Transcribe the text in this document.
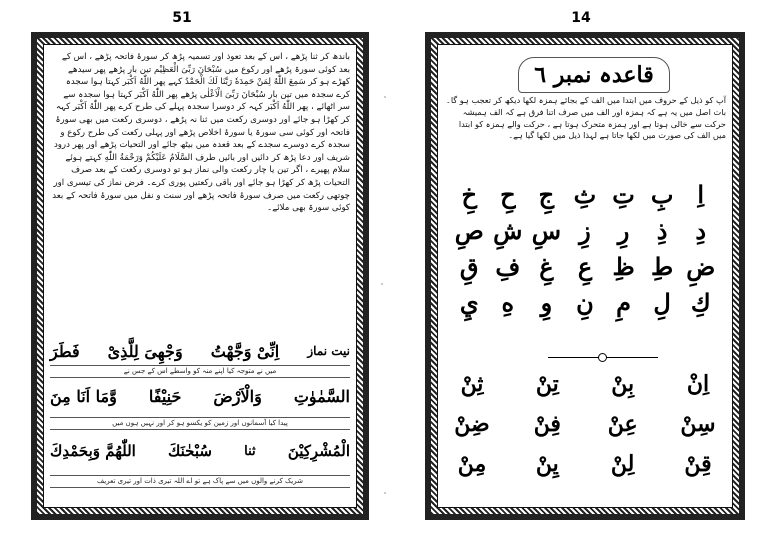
51
باندھ کر ثنا پڑھے ، اس کے بعد تعوذ اور تسمیہ پڑھ کر سورۂ فاتحہ پڑھے ، اس کے بعد کوئی سورۃ پڑھے اور رکوع میں سُبْحَانَ رَبِّیَ الْعَظِیْم تین بار پڑھے پھر سیدھے کھڑے ہو کر سَمِعَ اللّٰهُ لِمَنْ حَمِدَهٗ رَبَّنَا لَكَ الْحَمْدُ کہے پھر اللّٰهُ اَكْبَر کہتا ہوا سجدہ کرے سجدہ میں تین بار سُبْحَانَ رَبِّیَ الْاَعْلٰی پڑھے پھر اللّٰهُ اَكْبَر کہتا ہوا سجدہ سے سر اٹھائے ، پھر اللّٰهُ اَكْبَر کہہ کر دوسرا سجدہ پہلے کی طرح کرے پھر اللّٰهُ اَكْبَر کہہ کر کھڑا ہو جائے اور دوسری رکعت میں ثنا نہ پڑھے ، دوسری رکعت میں بھی سورۂ فاتحہ اور کوئی سی سورۃ یا سورۂ اخلاص پڑھے اور پہلی رکعت کی طرح رکوع و سجدہ کرے دوسرے سجدے کے بعد قعدہ میں بیٹھ جائے اور التحیات پڑھے اور پھر درود شریف اور دعا پڑھ کر دائیں اور بائیں طرف السَّلَامُ عَلَیْكُمْ وَرَحْمَةُ اللّٰهِ کہتے ہوئے سلام پھیرے ، اگر تین یا چار رکعت والی نماز ہو تو دوسری رکعت کے بعد صرف التحیات پڑھ کر کھڑا ہو جائے اور باقی رکعتیں پوری کرے۔ فرض نماز کی تیسری اور چوتھی رکعت میں صرف سورۂ فاتحہ پڑھے اور سنت و نفل میں سورۂ فاتحہ کے بعد کوئی سورۃ بھی ملائے۔
نیت نماز
اِنِّیْ وَجَّهْتُ
وَجْهِیَ لِلَّذِیْ
فَطَرَ
میں نے متوجہ کیا اپنے منہ کو واسطے اس کے جس نے
السَّمٰوٰتِ
وَالْاَرْضَ
حَنِیْفًا
وَّمَا اَنَا مِنَ
پیدا کیا آسمانوں اور زمین کو یکسو ہو کر اور نہیں ہوں میں
الْمُشْرِكِیْنَ
ثنا
سُبْحٰنَكَ
اللّٰهُمَّ وَبِحَمْدِكَ
شریک کرنے والوں میں سے پاک ہے تو اے اللہ تیری ذات اور تیری تعریف
14
قاعدہ نمبر ٦
آپ کو ذیل کے حروف میں ابتدا میں الف کے بجائے ہمزہ لکھا دیکھ کر تعجب ہو گا۔ بات اصل میں یہ ہے کہ ہمزہ اور الف میں صرف اتنا فرق ہے کہ الف ہمیشہ حرکت سے خالی ہوتا ہے اور ہمزہ متحرک ہوتا ہے ، حرکت والے ہمزہ کو ابتدا میں الف کی صورت میں لکھا جاتا ہے لہذا ذیل میں لکھا گیا ہے۔
اِ
بِ
تِ
ثِ
جِ
حِ
خِ
دِ
ذِ
رِ
زِ
سِ
شِ
صِ
ضِ
طِ
ظِ
عِ
غِ
فِ
قِ
كِ
لِ
مِ
نِ
وِ
هِ
يِ
اِنْ
بِنْ
تِنْ
ثِنْ
سِنْ
عِنْ
فِنْ
ضِنْ
قِنْ
لِنْ
يِنْ
مِنْ
